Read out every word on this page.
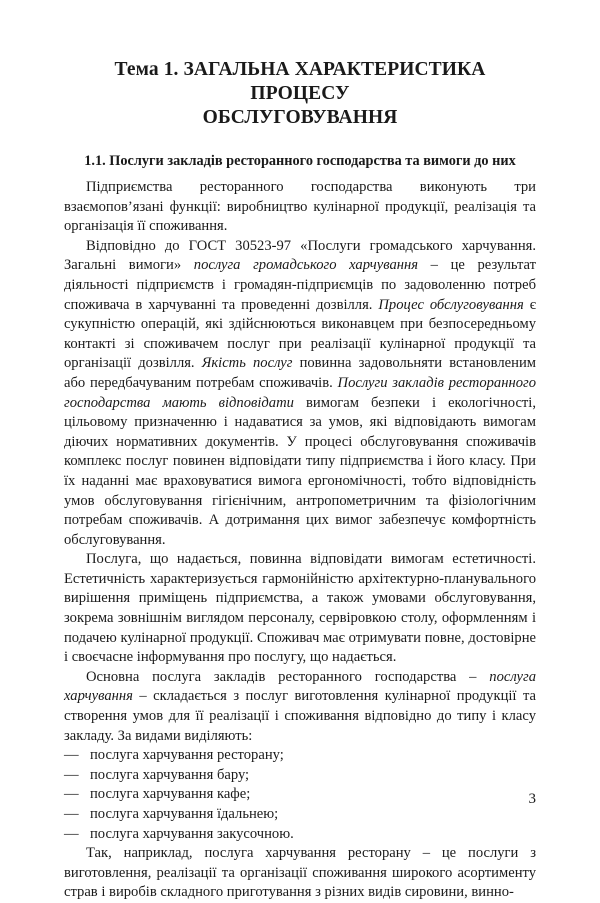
Тема 1. ЗАГАЛЬНА ХАРАКТЕРИСТИКА ПРОЦЕСУ
ОБСЛУГОВУВАННЯ
1.1. Послуги закладів ресторанного господарства та вимоги до них

Підприємства ресторанного господарства виконують три взаємопов’язані функції: виробництво кулінарної продукції, реалізація та організація її споживання.

Відповідно до ГОСТ 30523-97 «Послуги громадського харчування. Загальні вимоги» послуга громадського харчування – це результат діяльності підприємств і громадян-підприємців по задоволенню потреб споживача в харчуванні та проведенні дозвілля. Процес обслуговування є сукупністю операцій, які здійснюються виконавцем при безпосередньому контакті зі споживачем послуг при реалізації кулінарної продукції та організації дозвілля. Якість послуг повинна задовольняти встановленим або передбачуваним потребам споживачів. Послуги закладів ресторанного господарства мають відповідати вимогам безпеки і екологічності, цільовому призначенню і надаватися за умов, які відповідають вимогам діючих нормативних документів. У процесі обслуговування споживачів комплекс послуг повинен відповідати типу підприємства і його класу. При їх наданні має враховуватися вимога ергономічності, тобто відповідність умов обслуговування гігієнічним, антропометричним та фізіологічним потребам споживачів. А дотримання цих вимог забезпечує комфортність обслуговування.

Послуга, що надається, повинна відповідати вимогам естетичності. Естетичність характеризується гармонійністю архітектурно-планувального вирішення приміщень підприємства, а також умовами обслуговування, зокрема зовнішнім виглядом персоналу, сервіровкою столу, оформленням і подачею кулінарної продукції. Споживач має отримувати повне, достовірне і своєчасне інформування про послугу, що надається.

Основна послуга закладів ресторанного господарства – послуга харчування – складається з послуг виготовлення кулінарної продукції та створення умов для її реалізації і споживання відповідно до типу і класу закладу. За видами виділяють:

— послуга харчування ресторану;
— послуга харчування бару;
— послуга харчування кафе;
— послуга харчування їдальнею;
— послуга харчування закусочною.

Так, наприклад, послуга харчування ресторану – це послуги з виготовлення, реалізації та організації споживання широкого асортименту страв і виробів складного приготування з різних видів сировини, винно-

3
